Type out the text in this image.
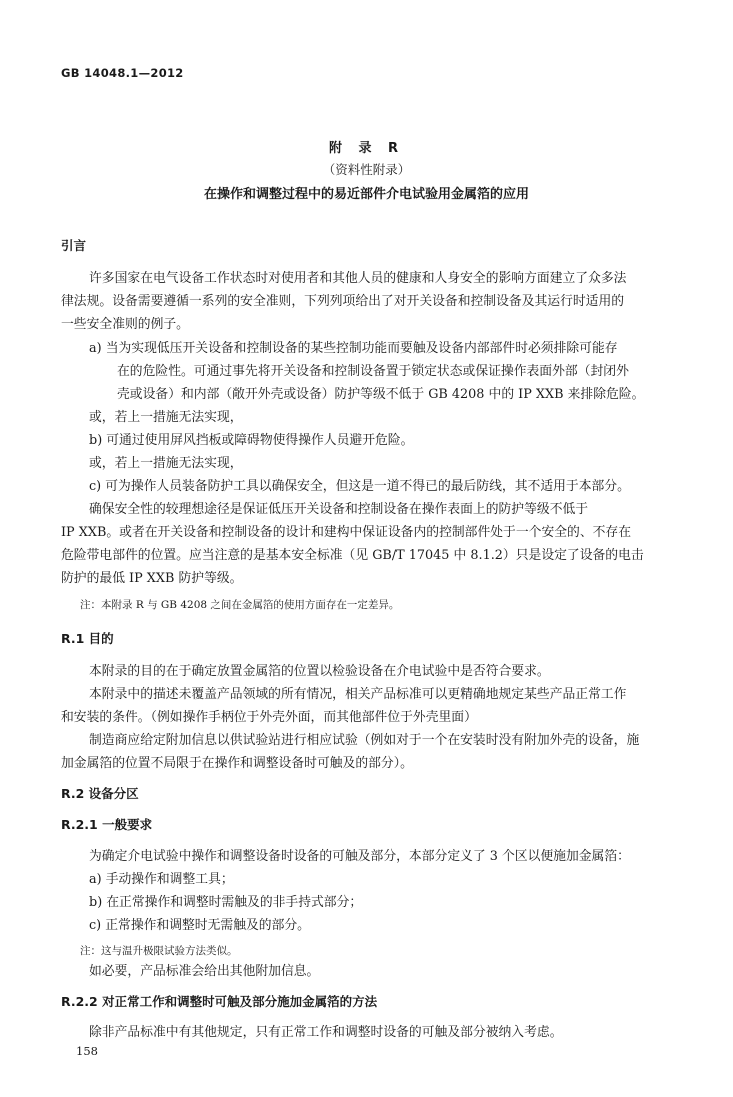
GB 14048.1—2012
附 录 R
（资料性附录）
在操作和调整过程中的易近部件介电试验用金属箔的应用
引言
许多国家在电气设备工作状态时对使用者和其他人员的健康和人身安全的影响方面建立了众多法
律法规。设备需要遵循一系列的安全准则，下列列项给出了对开关设备和控制设备及其运行时适用的
一些安全准则的例子。
a) 当为实现低压开关设备和控制设备的某些控制功能而要触及设备内部部件时必须排除可能存
在的危险性。可通过事先将开关设备和控制设备置于锁定状态或保证操作表面外部（封闭外
壳或设备）和内部（敞开外壳或设备）防护等级不低于 GB 4208 中的 IP XXB 来排除危险。
或，若上一措施无法实现，
b) 可通过使用屏风挡板或障碍物使得操作人员避开危险。
或，若上一措施无法实现，
c) 可为操作人员装备防护工具以确保安全，但这是一道不得已的最后防线，其不适用于本部分。
确保安全性的较理想途径是保证低压开关设备和控制设备在操作表面上的防护等级不低于
IP XXB。或者在开关设备和控制设备的设计和建构中保证设备内的控制部件处于一个安全的、不存在
危险带电部件的位置。应当注意的是基本安全标准（见 GB/T 17045 中 8.1.2）只是设定了设备的电击
防护的最低 IP XXB 防护等级。
注：本附录 R 与 GB 4208 之间在金属箔的使用方面存在一定差异。
R.1 目的
本附录的目的在于确定放置金属箔的位置以检验设备在介电试验中是否符合要求。
本附录中的描述未覆盖产品领域的所有情况，相关产品标准可以更精确地规定某些产品正常工作
和安装的条件。（例如操作手柄位于外壳外面，而其他部件位于外壳里面）
制造商应给定附加信息以供试验站进行相应试验（例如对于一个在安装时没有附加外壳的设备，施
加金属箔的位置不局限于在操作和调整设备时可触及的部分）。
R.2 设备分区
R.2.1 一般要求
为确定介电试验中操作和调整设备时设备的可触及部分，本部分定义了 3 个区以便施加金属箔：
a) 手动操作和调整工具；
b) 在正常操作和调整时需触及的非手持式部分；
c) 正常操作和调整时无需触及的部分。
注：这与温升极限试验方法类似。
如必要，产品标准会给出其他附加信息。
R.2.2 对正常工作和调整时可触及部分施加金属箔的方法
除非产品标准中有其他规定，只有正常工作和调整时设备的可触及部分被纳入考虑。
158
